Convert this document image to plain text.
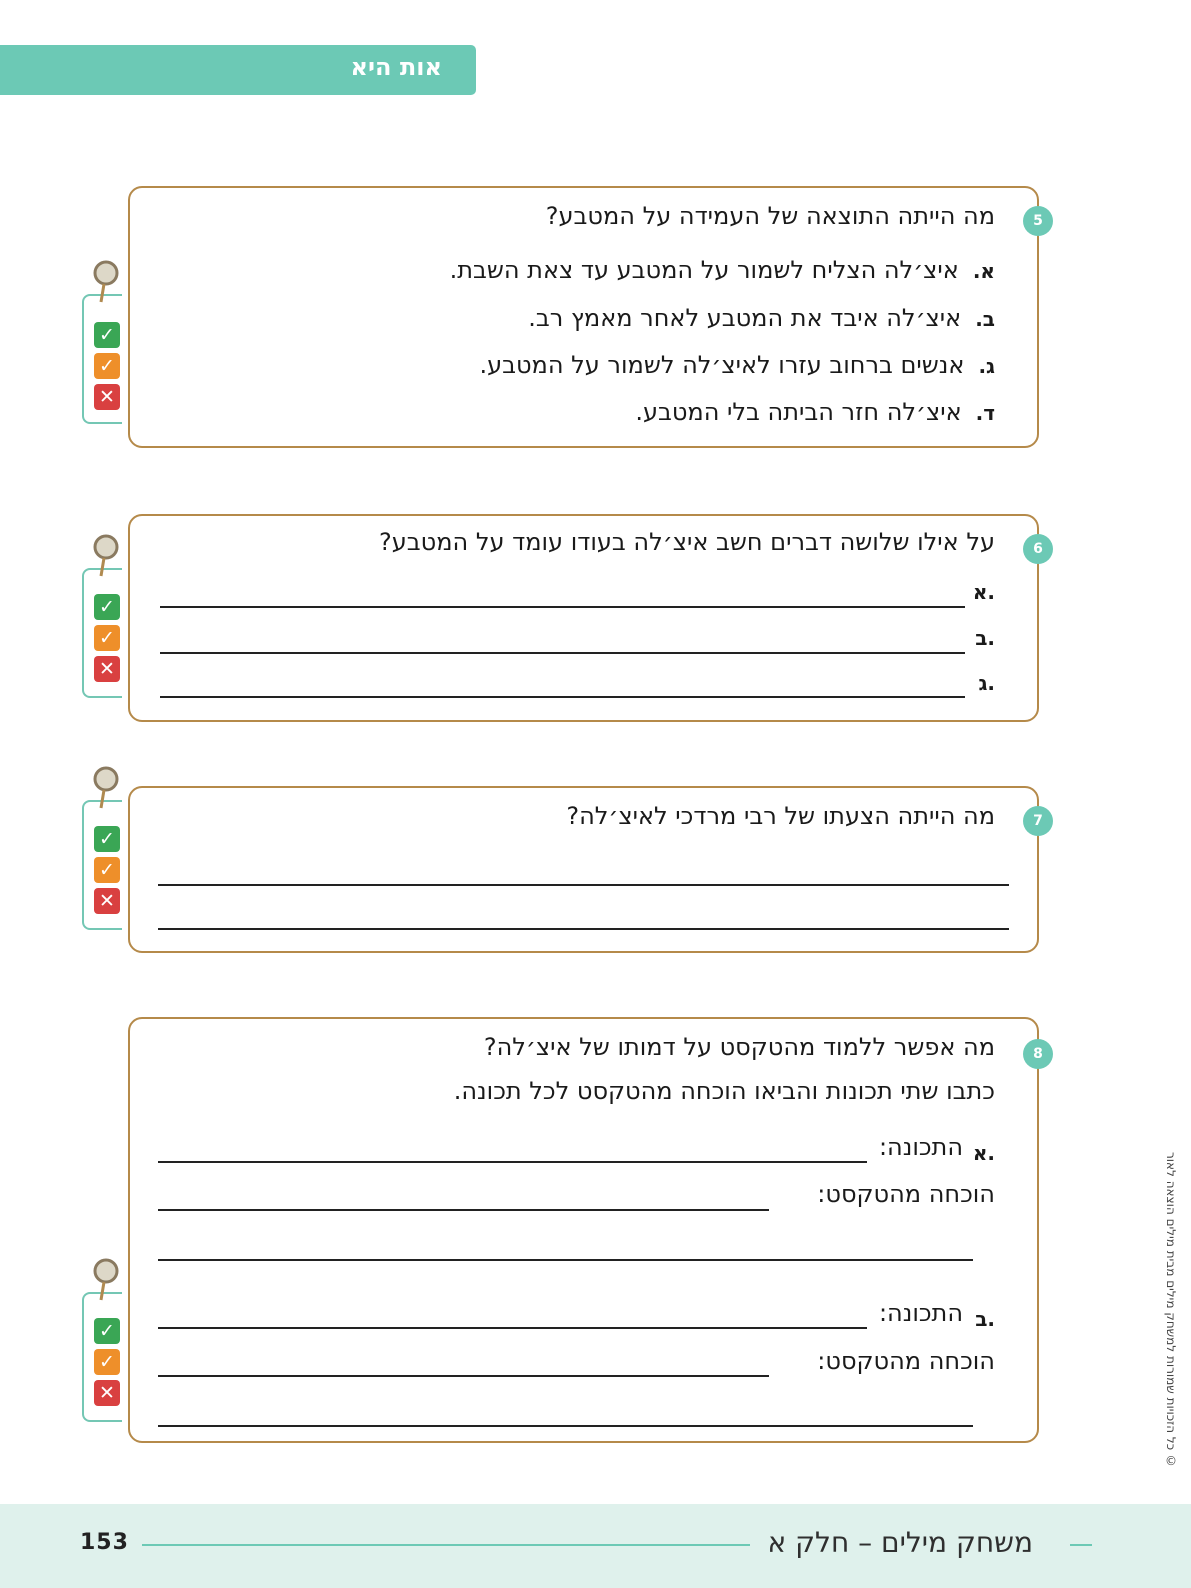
אות היא
5
מה הייתה התוצאה של העמידה על המטבע?
א.איצ׳לה הצליח לשמור על המטבע עד צאת השבת.
ב.איצ׳לה איבד את המטבע לאחר מאמץ רב.
ג.אנשים ברחוב עזרו לאיצ׳לה לשמור על המטבע.
ד.איצ׳לה חזר הביתה בלי המטבע.
✓
✓
✕
6
על אילו שלושה דברים חשב איצ׳לה בעודו עומד על המטבע?
א.
ב.
ג.
✓
✓
✕
7
מה הייתה הצעתו של רבי מרדכי לאיצ׳לה?
✓
✓
✕
8
מה אפשר ללמוד מהטקסט על דמותו של איצ׳לה?
כתבו שתי תכונות והביאו הוכחה מהטקסט לכל תכונה.
א.
התכונה:
הוכחה מהטקסט:
ב.
התכונה:
הוכחה מהטקסט:
✓
✓
✕	© כל הזכויות שמורות למשחק מילים מבית מילים הוצאה לאור
משחק מילים – חלק א
153
